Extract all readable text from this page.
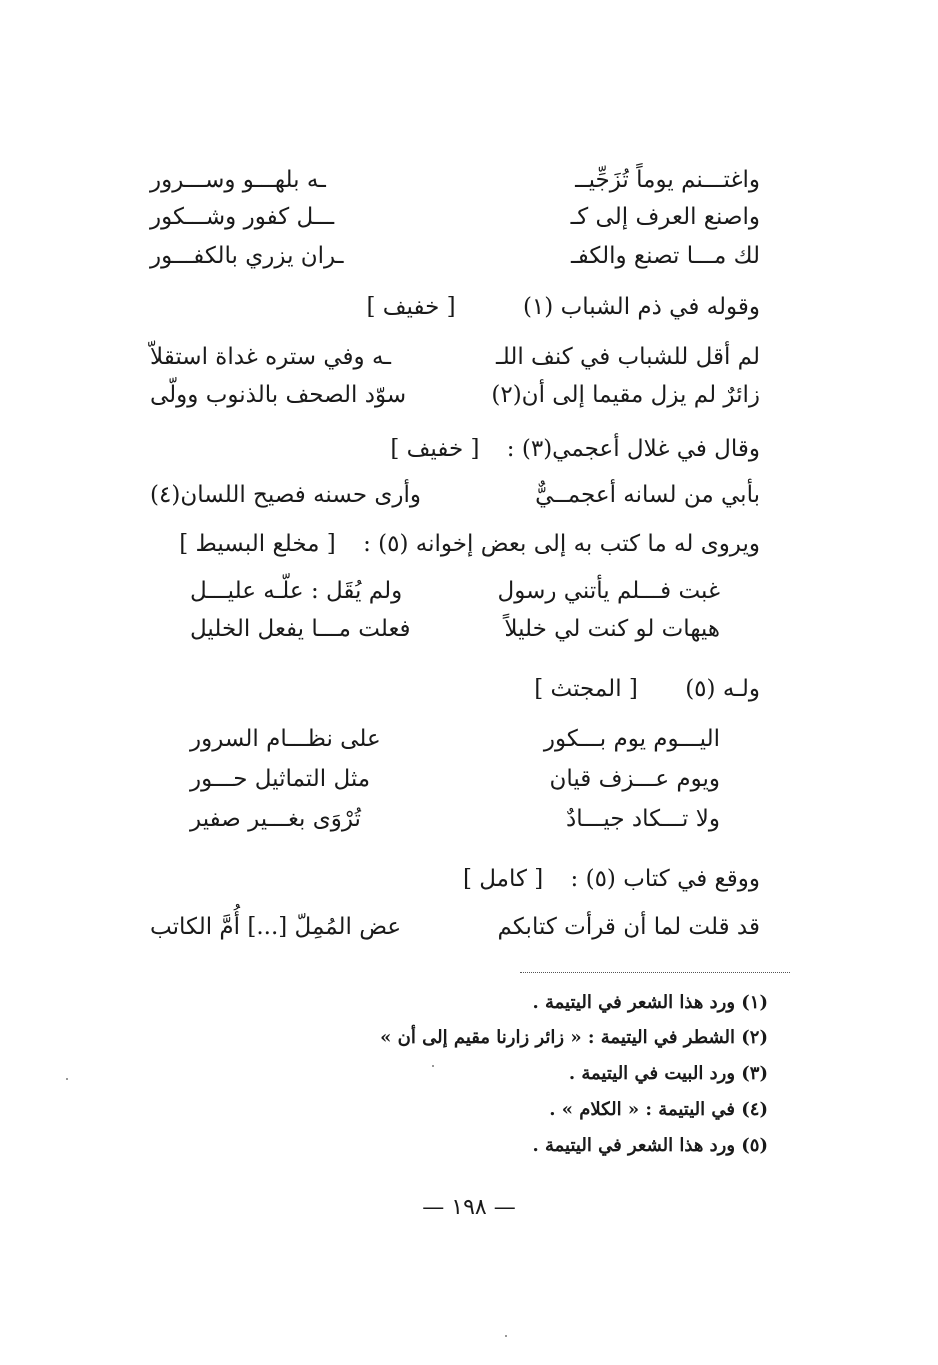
واغتـــنم يوماً تُزَجِّيــ
ـه بلهـــو وســـرور
واصنع العرف إلى كـ
ـــل كفور وشـــكور
لك مـــا تصنع والكفـ
ـران يزري بالكفـــور
وقوله في ذم الشباب (١) [ خفيف ]
لم أقل للشباب في كنف اللـ
ـه وفي ستره غداة استقلاّ
زائرٌ لم يزل مقيما إلى أن(٢)
سوّد الصحف بالذنوب وولّى
وقال في غلال أعجمي(٣) : [ خفيف ]
بأبي من لسانه أعجمــيٌّ
وأرى حسنه فصيح اللسان(٤)
ويروى له ما كتب به إلى بعض إخوانه (٥) : [ مخلع البسيط ]
غبت فـــلم يأتني رسول
ولم يُقَل : علّـه عليـــل
هيهات لو كنت لي خليلاً
فعلت مـــا يفعل الخليل
ولـه (٥) [ المجتث ]
اليـــوم يوم بـــكور
على نظـــام السرور
ويوم عـــزف قيان
مثل التماثيل حـــور
ولا تـــكاد جيـــادٌ
تُرْوَى بغـــير صفير
ووقع في كتاب (٥) : [ كامل ]
قد قلت لما أن قرأت كتابكم
عض المُمِلّ [...] أُمَّ الكاتب
(١) ورد هذا الشعر في اليتيمة .
(٢) الشطر في اليتيمة : « زائر زارنا مقيم إلى أن »
(٣) ورد البيت في اليتيمة .
(٤) في اليتيمة : « الكلام » .
(٥) ورد هذا الشعر في اليتيمة .
— ١٩٨ —
